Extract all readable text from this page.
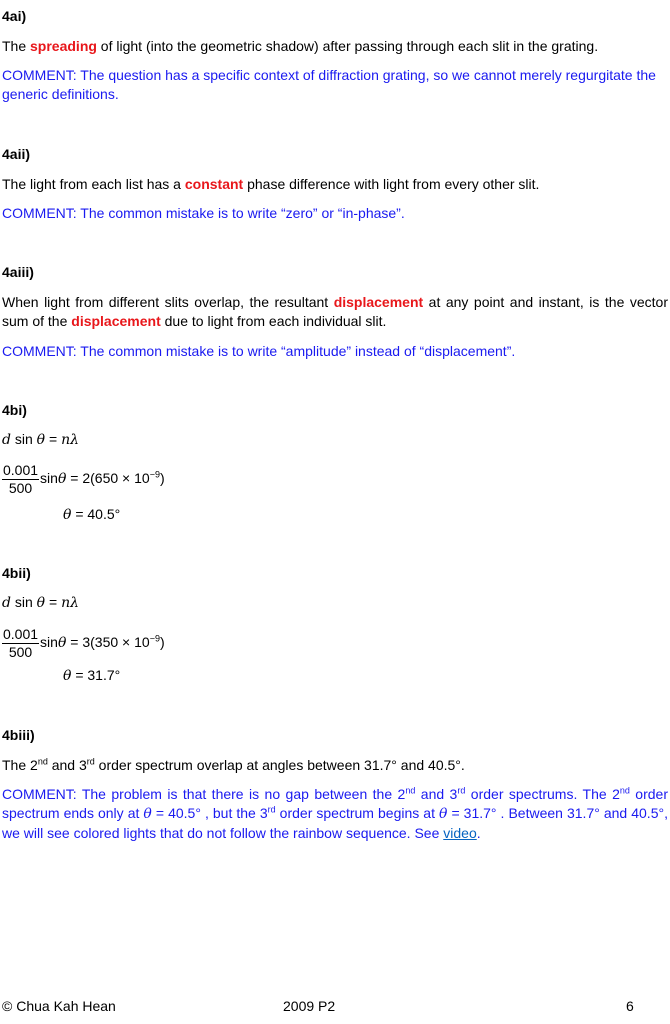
4ai)
The spreading of light (into the geometric shadow) after passing through each slit in the grating.
COMMENT: The question has a specific context of diffraction grating, so we cannot merely regurgitate the generic definitions.
4aii)
The light from each list has a constant phase difference with light from every other slit.
COMMENT: The common mistake is to write “zero” or “in-phase”.
4aiii)
When light from different slits overlap, the resultant displacement at any point and instant, is the vector sum of the displacement due to light from each individual slit.
COMMENT: The common mistake is to write “amplitude” instead of “displacement”.
4bi)
d sin θ = nλ
$\frac{0.001}{500}$ $\sin\theta = 2(650 \times 10^{-9})$
θ = 40.5°
4bii)
d sin θ = nλ
$\frac{0.001}{500}$ $\sin\theta = 3(350 \times 10^{-9})$
θ = 31.7°
4biii)
The 2nd and 3rd order spectrum overlap at angles between 31.7° and 40.5°.
COMMENT: The problem is that there is no gap between the 2nd and 3rd order spectrums. The 2nd order spectrum ends only at θ = 40.5° , but the 3rd order spectrum begins at θ = 31.7° . Between 31.7° and 40.5°, we will see colored lights that do not follow the rainbow sequence. See video.
© Chua Kah Hean	2009 P2	6
